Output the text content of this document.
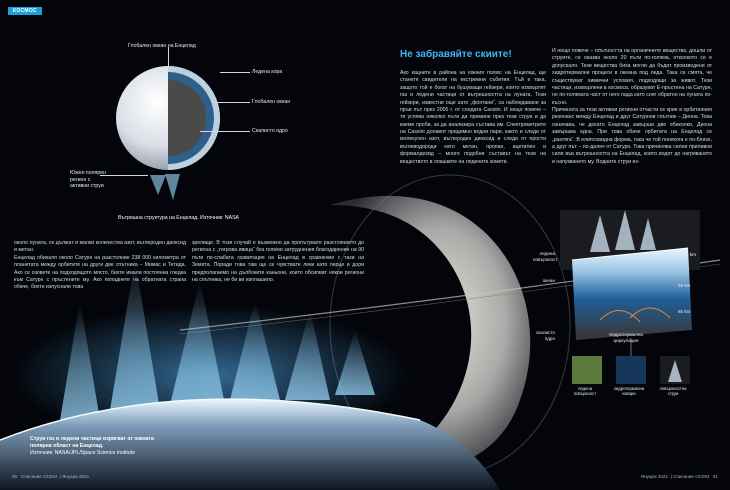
КОСМОС
Глобален океан на Енцелад
Ледена кора
Глобален океан
Скалисто ядро
Южен полярен регион с активни струи
Вътрешна структура на Енцелад. Източник: NASA
около луната, се дължат и малки количества азот, въглероден диоксид и метан.
Енцелад обикаля около Сатурн на разстояние 238 000 километра от планетата между орбитите на други две спътника – Мимас и Тетида. Ако се озовете на подходящото място, бихте имали постоянна гледка към Сатурн с пръстените му. Ако попаднете на обратната страна обаче, бихте изпуснали това
зрелище. В този случай е възможно да пропътувате разстоянието до региона с „тигрова ивица“ без големи затруднения благодарение на 90 пъти по-слабата гравитация на Енцелад в сравнение с тази на Земята. Поради това там ще се чувствате леки като перце и дори предполагаемо на дълбоките каньони, които обсипват някои региони на спътника, не би ви изплашило.
Струи газ и ледени частици изригват от южната
полярна област на Енцелад.
Източник: NASA/JPL/Space Science Institute
Не забравяйте скиите!
Ако кацнете в района на южния полюс на Енцелад, ще станете свидетели на екстремни събития. Тъй е така, защото той е богат на бушуващи гейзери, които изхвърлят газ и ледени частици от вътрешността на луната. Тези гейзери, известни още като „фонтани“, са наблюдавани за пръв път през 2005 г. от сондата Cassini. И нещо повече – тя успява няколко пъти да премине през тези струи и да вземе проби, за да анализира състава им. Спектрометрите на Cassini долавят предимно водни пари, както и следи от молекулен азот, въглероден диоксид и следи от прости въглеводороди като метан, пропан, ацетилен и формалдехид – много подобни съставът на тези на веществото в опашките на ледените комети.
И нещо повече – плътността на органичните вещества, дошли от струите, се оказва около 20 пъти по-голяма, отколкото се е допускало. Тези вещества биха могли да бъдат произведени от хидротермални процеси в океана под леда. Така се смята, че съществуват химични условия, подходящи за живот. Тези частици, изхвърлени в космоса, образуват Е-пръстена на Сатурн, но по-голямата част от него пада като сняг обратно на луната по-късно.
Причината за тези активни региони отчасти се крие в орбиталния резонанс между Енцелад и друг Сатурнов спътник – Диона. Това означава, че докато Енцелад завърши две обиколки, Диона завършва една. При това обаче орбитата на Енцелад се „разтяга“. В елипсовидна форма, така че той понякога е по-близо, а друг път – по-далеч от Сатурн. Това причинява силни приливни сили във вътрешността на Енцелад, които водят до нагряването и напукването му. Водните струи из-
ледена повърхност
океан
скалисто ядро
Хидротермална циркулация
5 km
65 km
35 km
ледена повърхност
хидротермални извори
повърхностни струи
90 Списание ОСЕМ  | Януари 2021	Януари 2021  | Списание ОСЕМ 91
